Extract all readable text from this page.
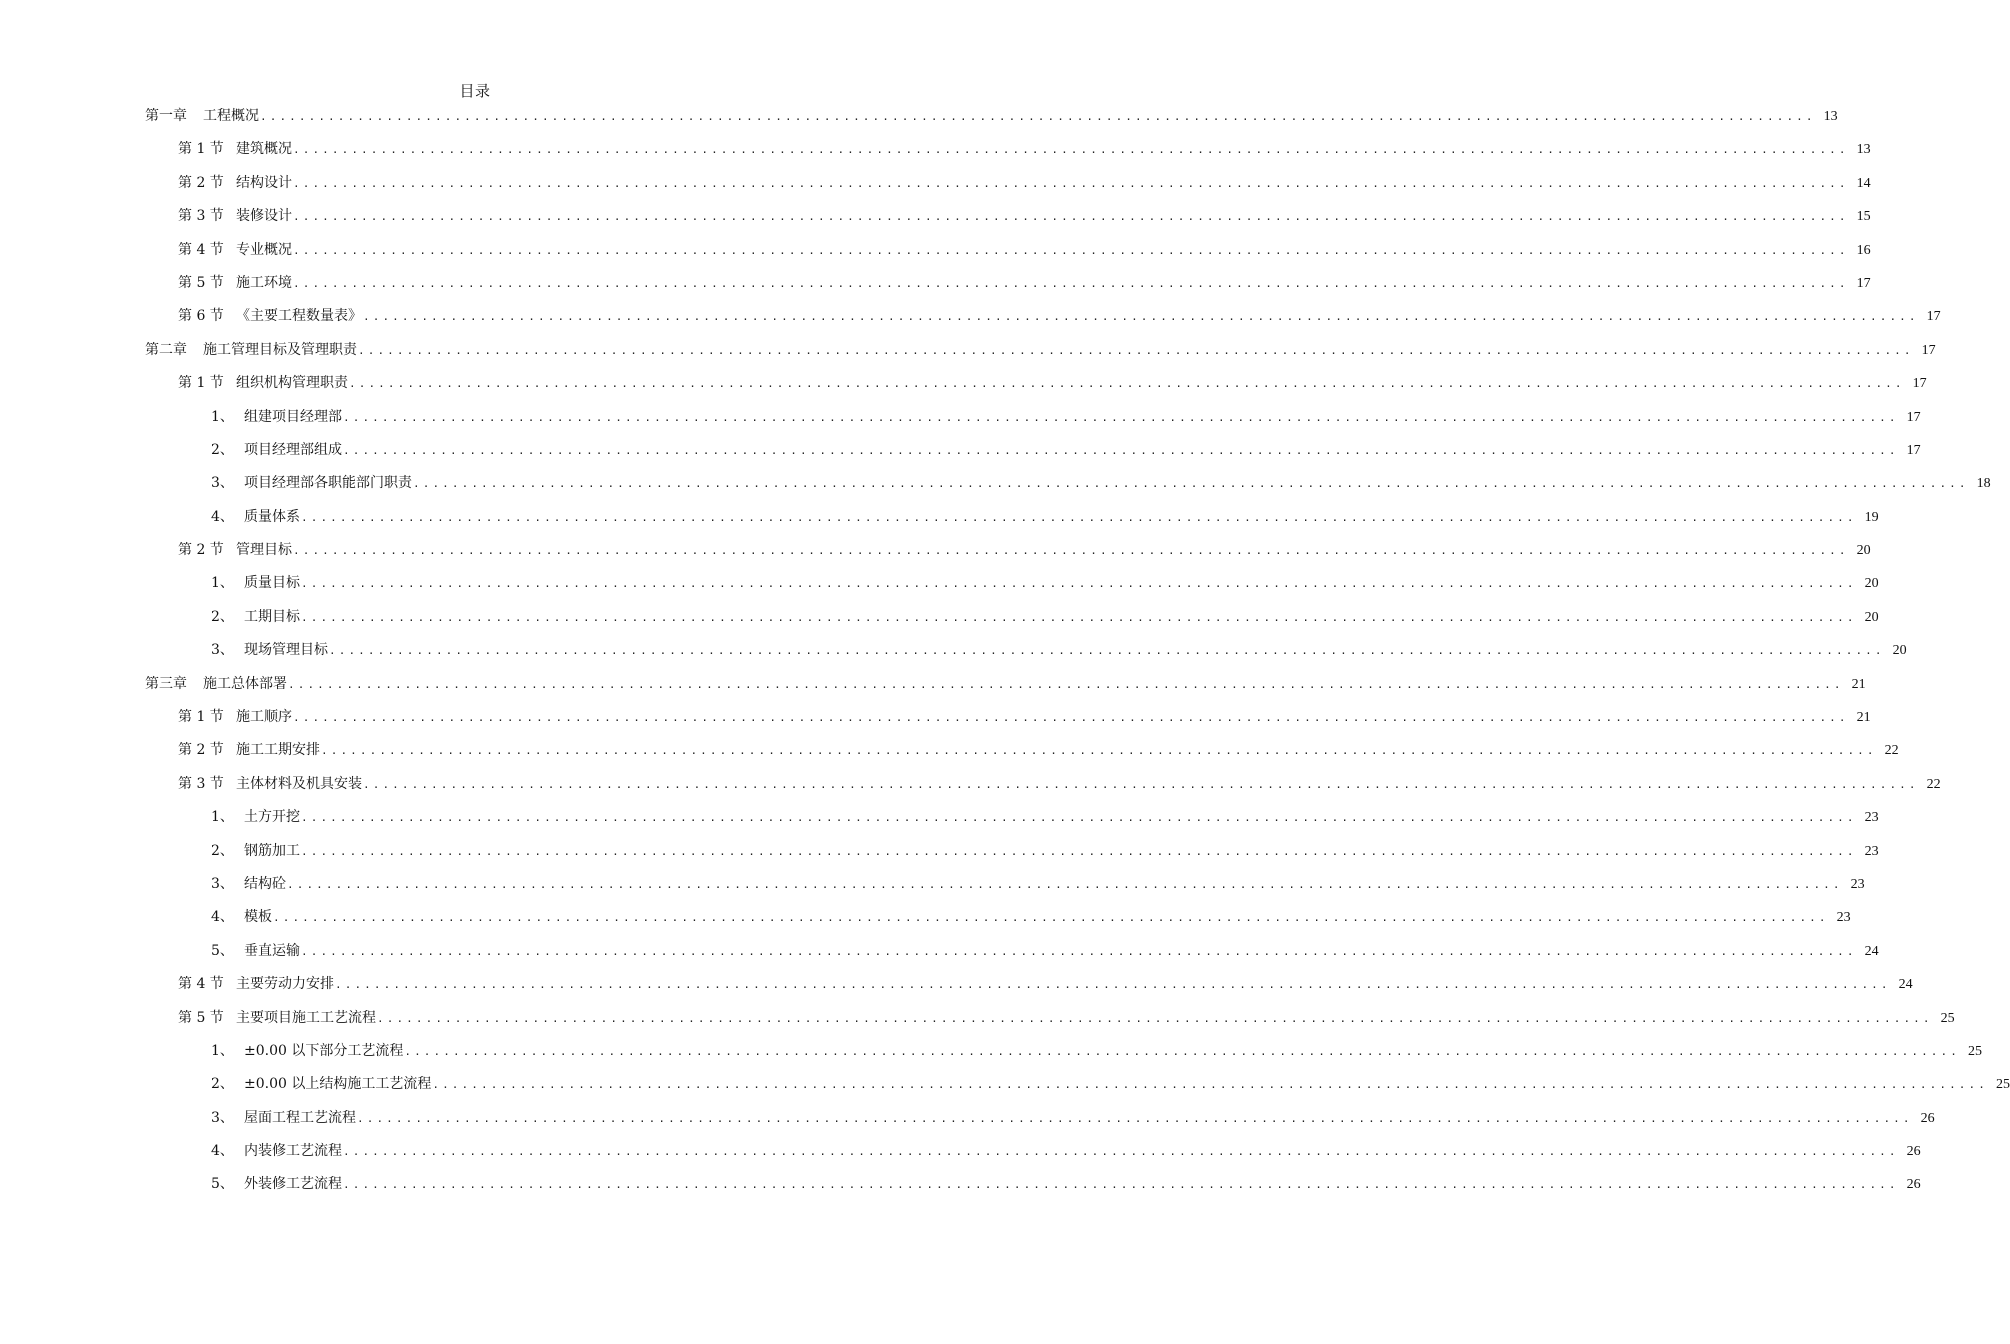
目录
第一章	工程概况 ................................................................................................................................................................ 13
第 1 节 建筑概况 ................................................................................................................................................................ 13
第 2 节 结构设计 ................................................................................................................................................................ 14
第 3 节 装修设计 ................................................................................................................................................................ 15
第 4 节 专业概况 ................................................................................................................................................................ 16
第 5 节 施工环境 ................................................................................................................................................................ 17
第 6 节 《主要工程数量表》 ................................................................................................................................................................ 17
第二章	施工管理目标及管理职责 ................................................................................................................................................................ 17
第 1 节 组织机构管理职责 ................................................................................................................................................................ 17
1、 组建项目经理部 ................................................................................................................................................................ 17
2、 项目经理部组成 ................................................................................................................................................................ 17
3、 项目经理部各职能部门职责 ................................................................................................................................................................ 18
4、 质量体系 ................................................................................................................................................................ 19
第 2 节 管理目标 ................................................................................................................................................................ 20
1、 质量目标 ................................................................................................................................................................ 20
2、 工期目标 ................................................................................................................................................................ 20
3、 现场管理目标 ................................................................................................................................................................ 20
第三章	施工总体部署 ................................................................................................................................................................ 21
第 1 节 施工顺序 ................................................................................................................................................................ 21
第 2 节 施工工期安排 ................................................................................................................................................................ 22
第 3 节 主体材料及机具安装 ................................................................................................................................................................ 22
1、 土方开挖 ................................................................................................................................................................ 23
2、 钢筋加工 ................................................................................................................................................................ 23
3、 结构砼 ................................................................................................................................................................ 23
4、 模板 ................................................................................................................................................................ 23
5、 垂直运输 ................................................................................................................................................................ 24
第 4 节 主要劳动力安排 ................................................................................................................................................................ 24
第 5 节 主要项目施工工艺流程 ................................................................................................................................................................ 25
1、 ±0.00 以下部分工艺流程 ................................................................................................................................................................ 25
2、 ±0.00 以上结构施工工艺流程 ................................................................................................................................................................ 25
3、 屋面工程工艺流程 ................................................................................................................................................................ 26
4、 内装修工艺流程 ................................................................................................................................................................ 26
5、 外装修工艺流程 ................................................................................................................................................................ 26
